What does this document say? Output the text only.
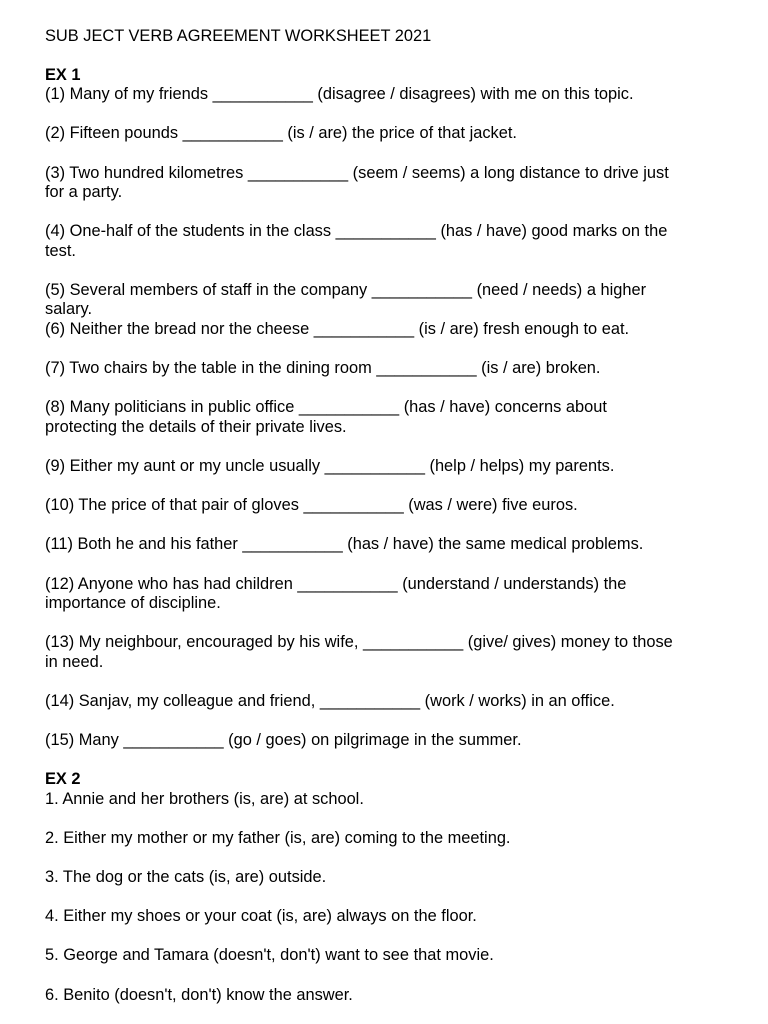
SUB JECT VERB AGREEMENT WORKSHEET 2021

EX 1

(1) Many of my friends ___________ (disagree / disagrees) with me on this topic.

(2) Fifteen pounds ___________ (is / are) the price of that jacket.

(3) Two hundred kilometres ___________ (seem / seems) a long distance to drive just

for a party.

(4) One-half of the students in the class ___________ (has / have) good marks on the

test.

(5) Several members of staff in the company ___________ (need / needs) a higher

salary.

(6) Neither the bread nor the cheese ___________ (is / are) fresh enough to eat.

(7) Two chairs by the table in the dining room ___________ (is / are) broken.

(8) Many politicians in public office ___________ (has / have) concerns about

protecting the details of their private lives.

(9) Either my aunt or my uncle usually ___________ (help / helps) my parents.

(10) The price of that pair of gloves ___________ (was / were) five euros.

(11) Both he and his father ___________ (has / have) the same medical problems.

(12) Anyone who has had children ___________ (understand / understands) the

importance of discipline.

(13) My neighbour, encouraged by his wife, ___________ (give/ gives) money to those

in need.

(14) Sanjav, my colleague and friend, ___________ (work / works) in an office.

(15) Many ___________ (go / goes) on pilgrimage in the summer.

EX 2

1. Annie and her brothers (is, are) at school.

2. Either my mother or my father (is, are) coming to the meeting.

3. The dog or the cats (is, are) outside.

4. Either my shoes or your coat (is, are) always on the floor.

5. George and Tamara (doesn't, don't) want to see that movie.

6. Benito (doesn't, don't) know the answer.
